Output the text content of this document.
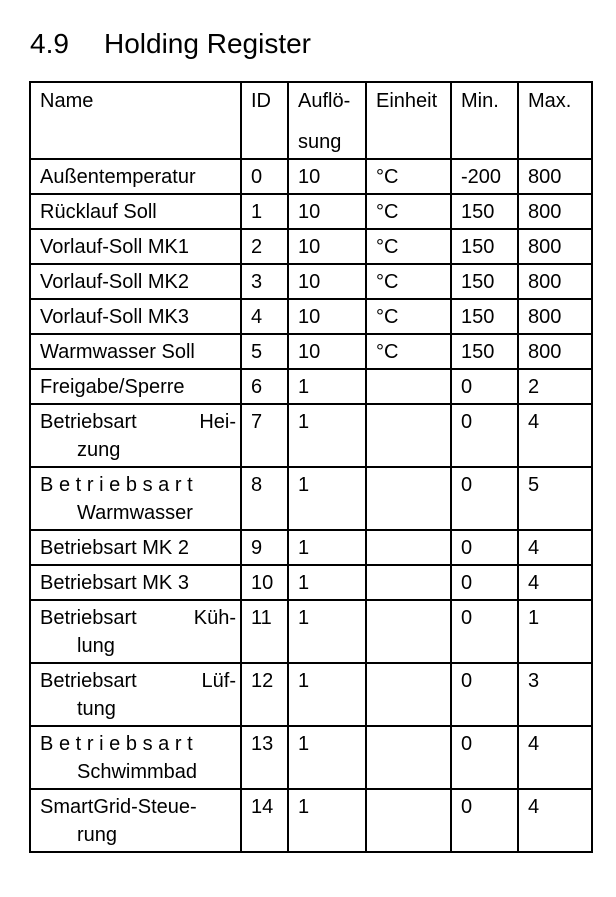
4.9 Holding Register
Name	ID	Auflö-
sung	Einheit	Min.	Max.
Außentemperatur	0	10	°C	-200	800
Rücklauf Soll	1	10	°C	150	800
Vorlauf-Soll MK1	2	10	°C	150	800
Vorlauf-Soll MK2	3	10	°C	150	800
Vorlauf-Soll MK3	4	10	°C	150	800
Warmwasser Soll	5	10	°C	150	800
Freigabe/Sperre	6	1		0	2

Betriebsart Hei-
zung	7	1		0	4

Betriebsart
Warmwasser	8	1		0	5
Betriebsart MK 2	9	1		0	4
Betriebsart MK 3	10	1		0	4

Betriebsart Küh-
lung	11	1		0	1

Betriebsart Lüf-
tung	12	1		0	3

Betriebsart
Schwimmbad	13	1		0	4

SmartGrid-Steue-
rung	14	1		0	4
